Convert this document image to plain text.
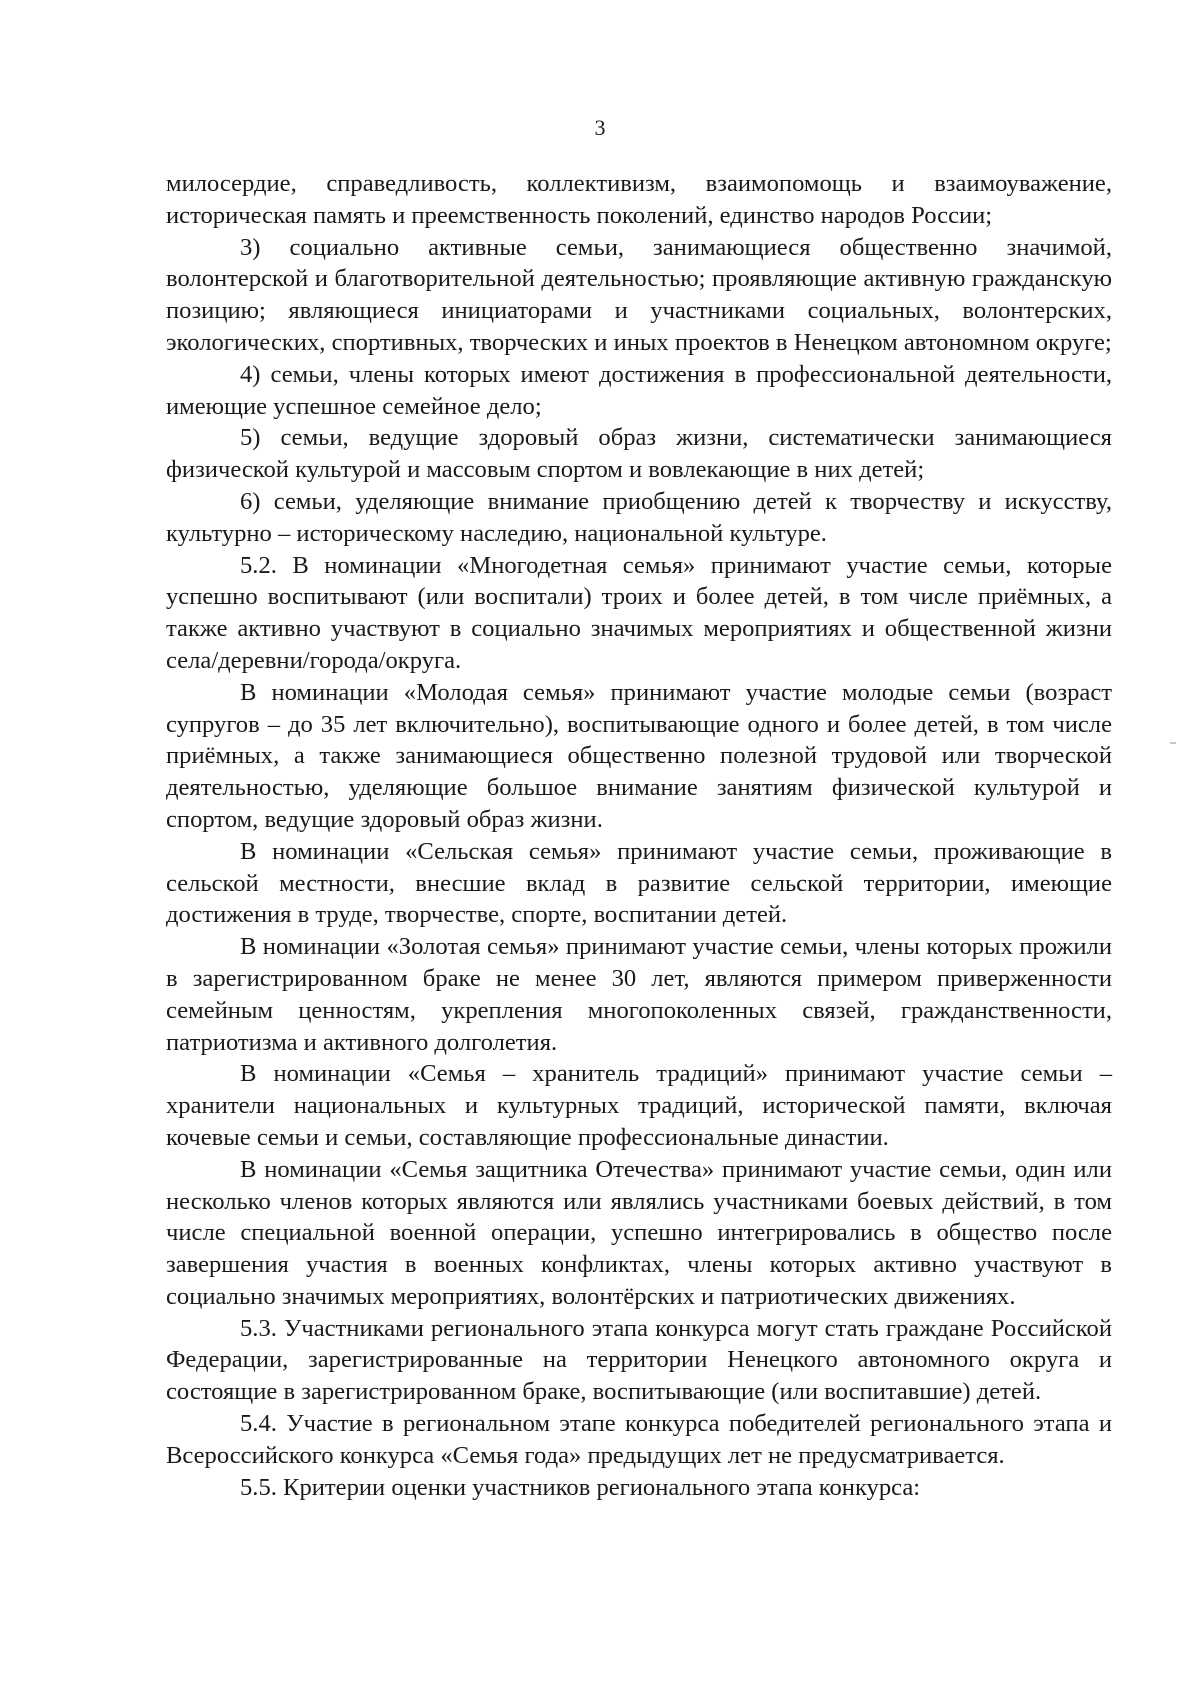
3

милосердие, справедливость, коллективизм, взаимопомощь и взаимоуважение, историческая память и преемственность поколений, единство народов России;

3) социально активные семьи, занимающиеся общественно значимой, волонтерской и благотворительной деятельностью; проявляющие активную гражданскую позицию; являющиеся инициаторами и участниками социальных, волонтерских, экологических, спортивных, творческих и иных проектов в Ненецком автономном округе;

4) семьи, члены которых имеют достижения в профессиональной деятельности, имеющие успешное семейное дело;

5) семьи, ведущие здоровый образ жизни, систематически занимающиеся физической культурой и массовым спортом и вовлекающие в них детей;

6) семьи, уделяющие внимание приобщению детей к творчеству и искусству, культурно – историческому наследию, национальной культуре.

5.2. В номинации «Многодетная семья» принимают участие семьи, которые успешно воспитывают (или воспитали) троих и более детей, в том числе приёмных, а также активно участвуют в социально значимых мероприятиях и общественной жизни села/деревни/города/округа.

В номинации «Молодая семья» принимают участие молодые семьи (возраст супругов – до 35 лет включительно), воспитывающие одного и более детей, в том числе приёмных, а также занимающиеся общественно полезной трудовой или творческой деятельностью, уделяющие большое внимание занятиям физической культурой и спортом, ведущие здоровый образ жизни.

В номинации «Сельская семья» принимают участие семьи, проживающие в сельской местности, внесшие вклад в развитие сельской территории, имеющие достижения в труде, творчестве, спорте, воспитании детей.

В номинации «Золотая семья» принимают участие семьи, члены которых прожили в зарегистрированном браке не менее 30 лет, являются примером приверженности семейным ценностям, укрепления многопоколенных связей, гражданственности, патриотизма и активного долголетия.

В номинации «Семья – хранитель традиций» принимают участие семьи – хранители национальных и культурных традиций, исторической памяти, включая кочевые семьи и семьи, составляющие профессиональные династии.

В номинации «Семья защитника Отечества» принимают участие семьи, один или несколько членов которых являются или являлись участниками боевых действий, в том числе специальной военной операции, успешно интегрировались в общество после завершения участия в военных конфликтах, члены которых активно участвуют в социально значимых мероприятиях, волонтёрских и патриотических движениях.

5.3. Участниками регионального этапа конкурса могут стать граждане Российской Федерации, зарегистрированные на территории Ненецкого автономного округа и состоящие в зарегистрированном браке, воспитывающие (или воспитавшие) детей.

5.4. Участие в региональном этапе конкурса победителей регионального этапа и Всероссийского конкурса «Семья года» предыдущих лет не предусматривается.

5.5. Критерии оценки участников регионального этапа конкурса:
